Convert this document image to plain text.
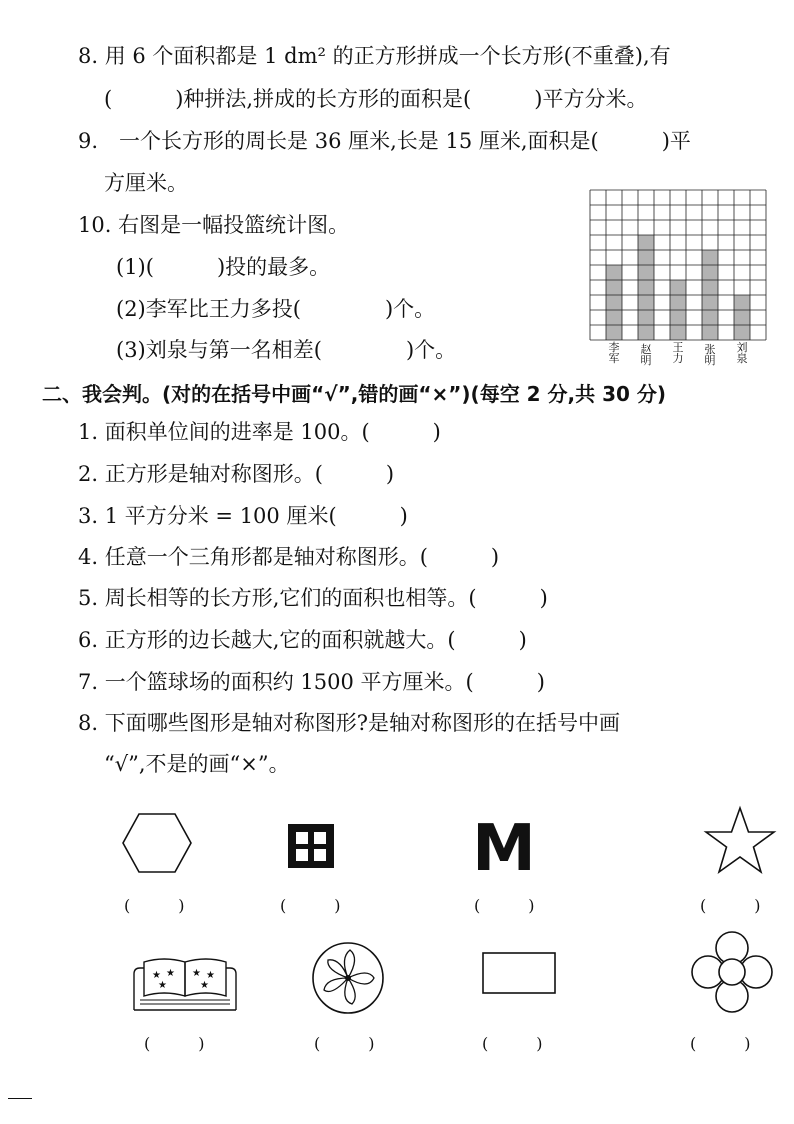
8. 用 6 个面积都是 1 dm² 的正方形拼成一个长方形(不重叠),有
(　　　)种拼法,拼成的长方形的面积是(　　　)平方分米。
9.　一个长方形的周长是 36 厘米,长是 15 厘米,面积是(　　　)平
方厘米。
10. 右图是一幅投篮统计图。
(1)(　　　)投的最多。
(2)李军比王力多投(　　　　)个。
(3)刘泉与第一名相差(　　　　)个。	李军
赵明
王力
张明
刘泉
二、我会判。(对的在括号中画“√”,错的画“×”)(每空 2 分,共 30 分)
1. 面积单位间的进率是 100。(　　　)
2. 正方形是轴对称图形。(　　　)
3. 1 平方分米 = 100 厘米(　　　)
4. 任意一个三角形都是轴对称图形。(　　　)
5. 周长相等的长方形,它们的面积也相等。(　　　)
6. 正方形的边长越大,它的面积就越大。(　　　)
7. 一个篮球场的面积约 1500 平方厘米。(　　　)
8. 下面哪些图形是轴对称图形?是轴对称图形的在括号中画
“√”,不是的画“×”。
M
(　　　)	(　　　)	(　　　)	(　　　)
★ ★
★
★ ★
★
(　　　)	(　　　)	(　　　)	(　　　)
